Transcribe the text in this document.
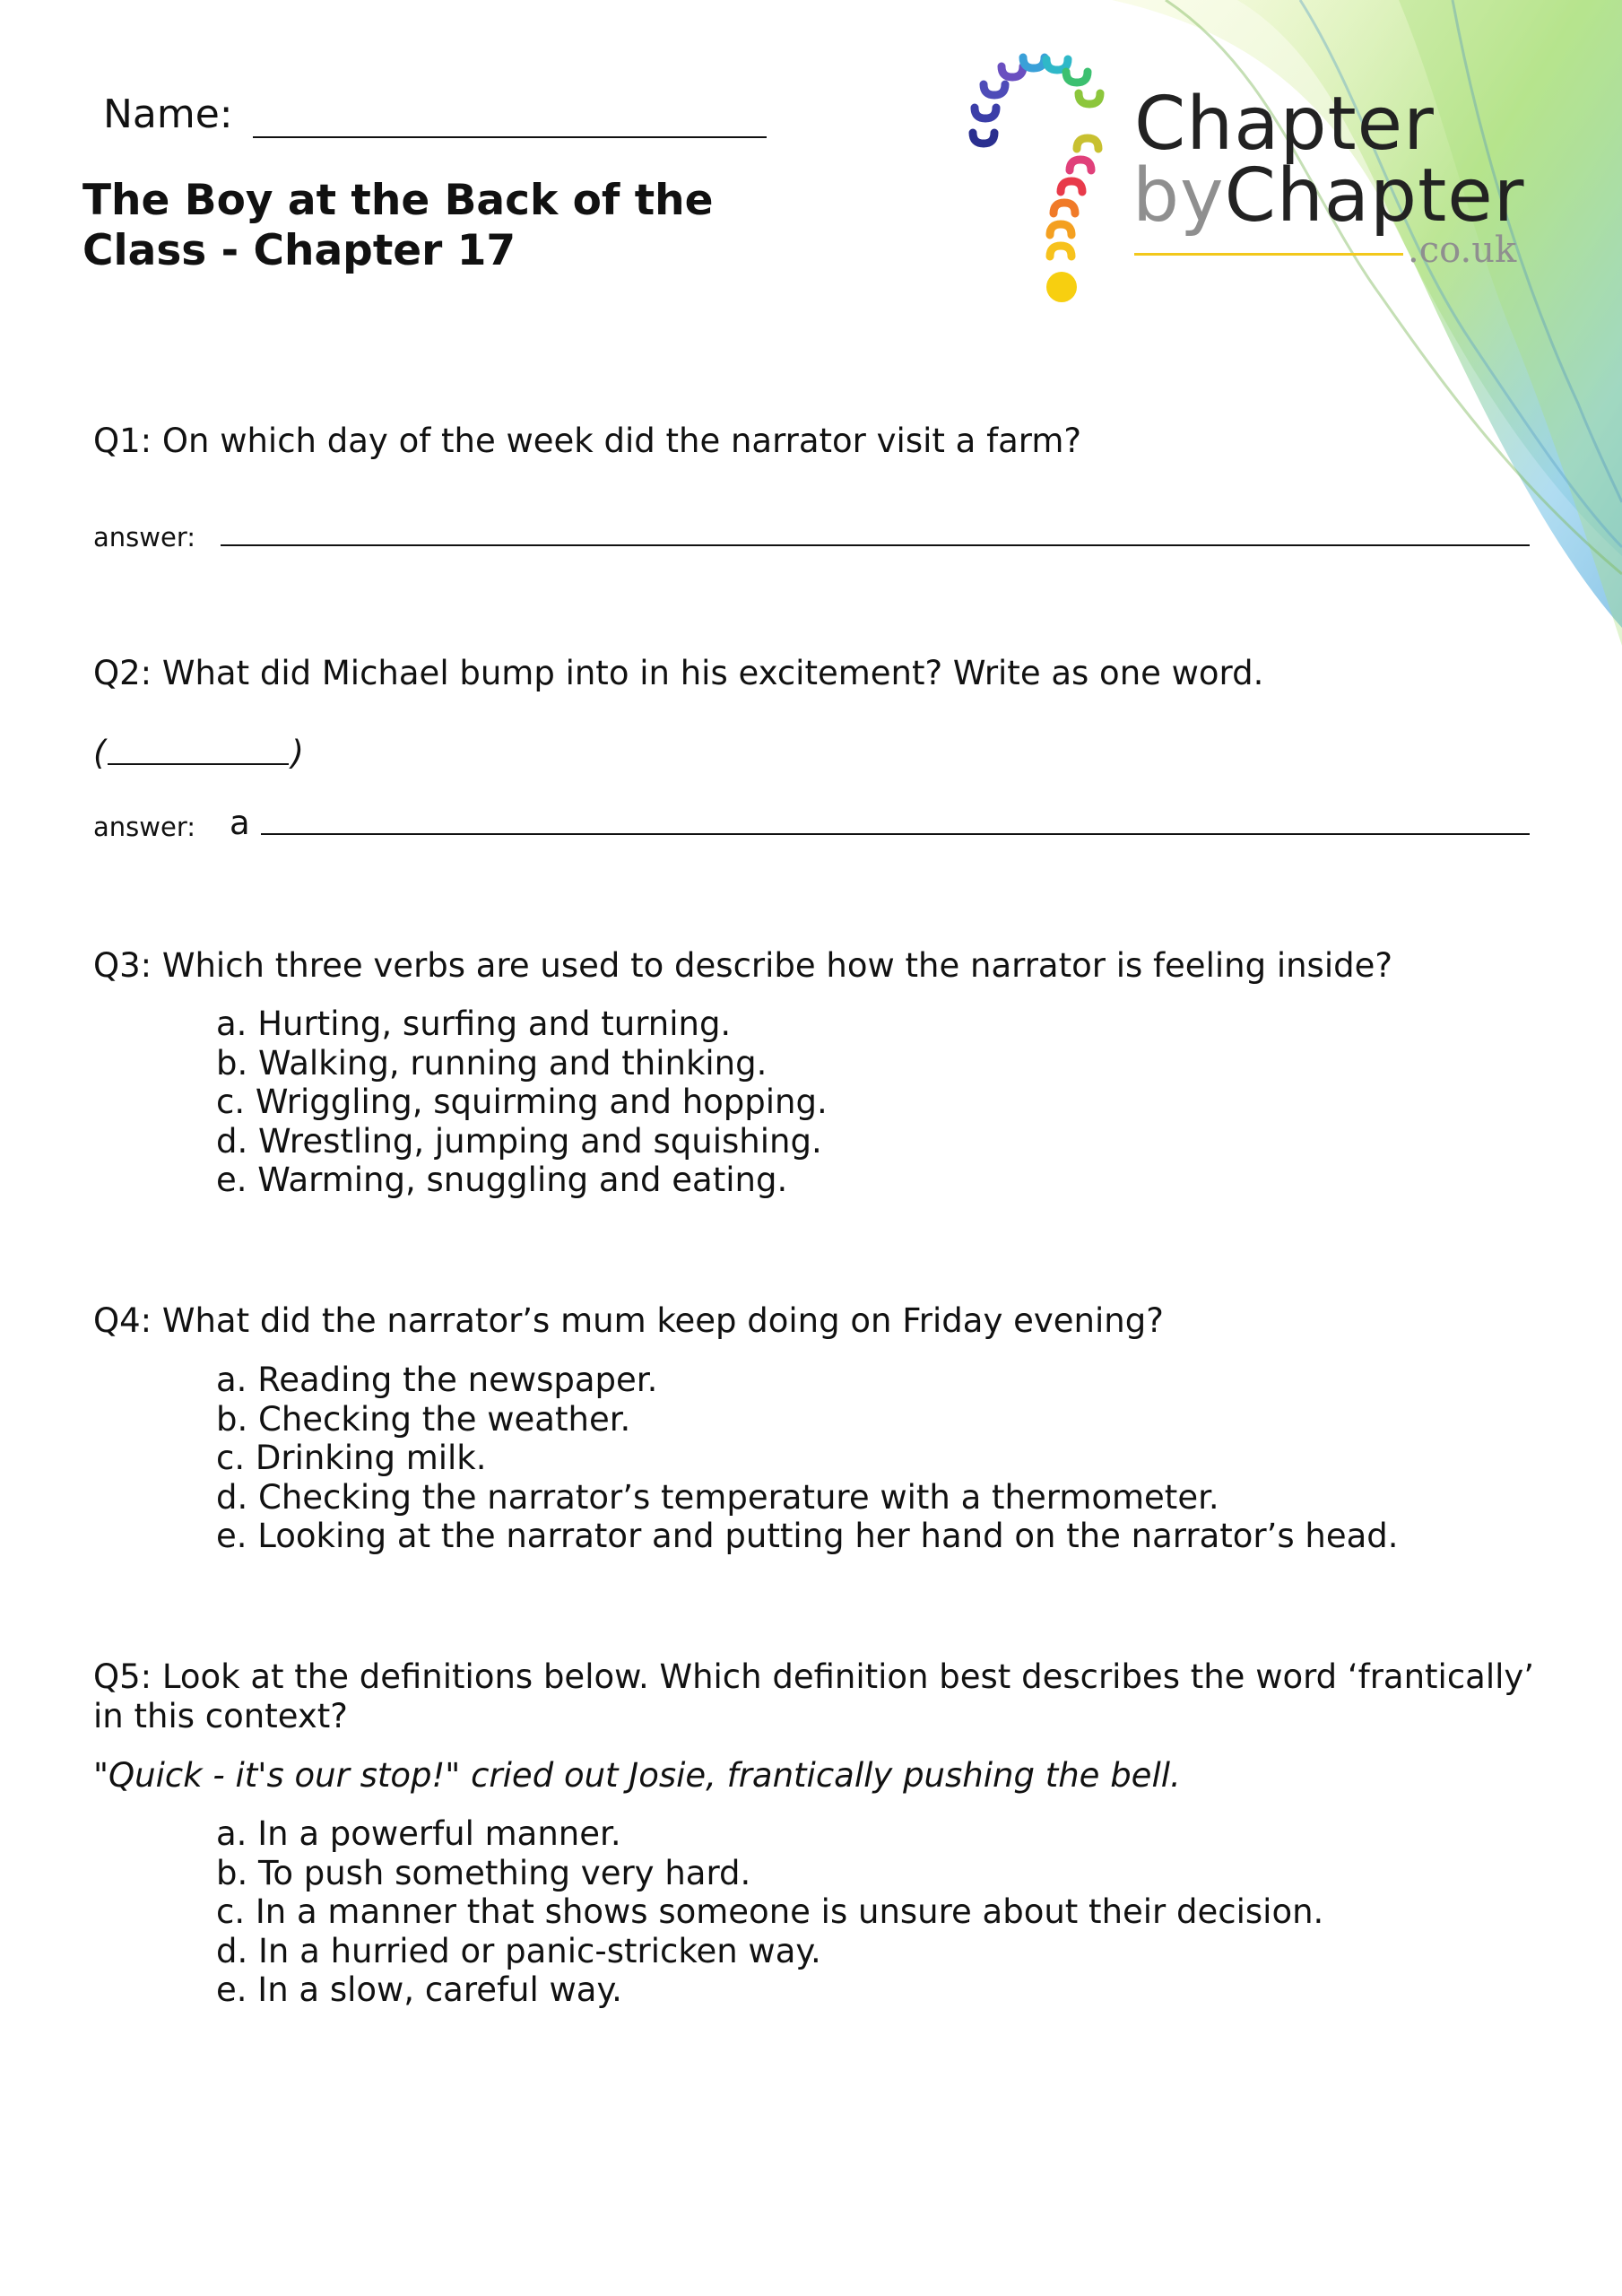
Name:
The Boy at the Back of the Class - Chapter 17
Chapter
byChapter
.co.uk
Q1: On which day of the week did the narrator visit a farm?
answer:
Q2: What did Michael bump into in his excitement? Write as one word.
(	)
answer: a
Q3: Which three verbs are used to describe how the narrator is feeling inside?
a. Hurting, surfing and turning.
b. Walking, running and thinking.
c. Wriggling, squirming and hopping.
d. Wrestling, jumping and squishing.
e. Warming, snuggling and eating.
Q4: What did the narrator’s mum keep doing on Friday evening?
a. Reading the newspaper.
b. Checking the weather.
c. Drinking milk.
d. Checking the narrator’s temperature with a thermometer.
e. Looking at the narrator and putting her hand on the narrator’s head.
Q5: Look at the definitions below. Which definition best describes the word ‘frantically’
in this context?
"Quick - it's our stop!" cried out Josie, frantically pushing the bell.
a. In a powerful manner.
b. To push something very hard.
c. In a manner that shows someone is unsure about their decision.
d. In a hurried or panic-stricken way.
e. In a slow, careful way.
